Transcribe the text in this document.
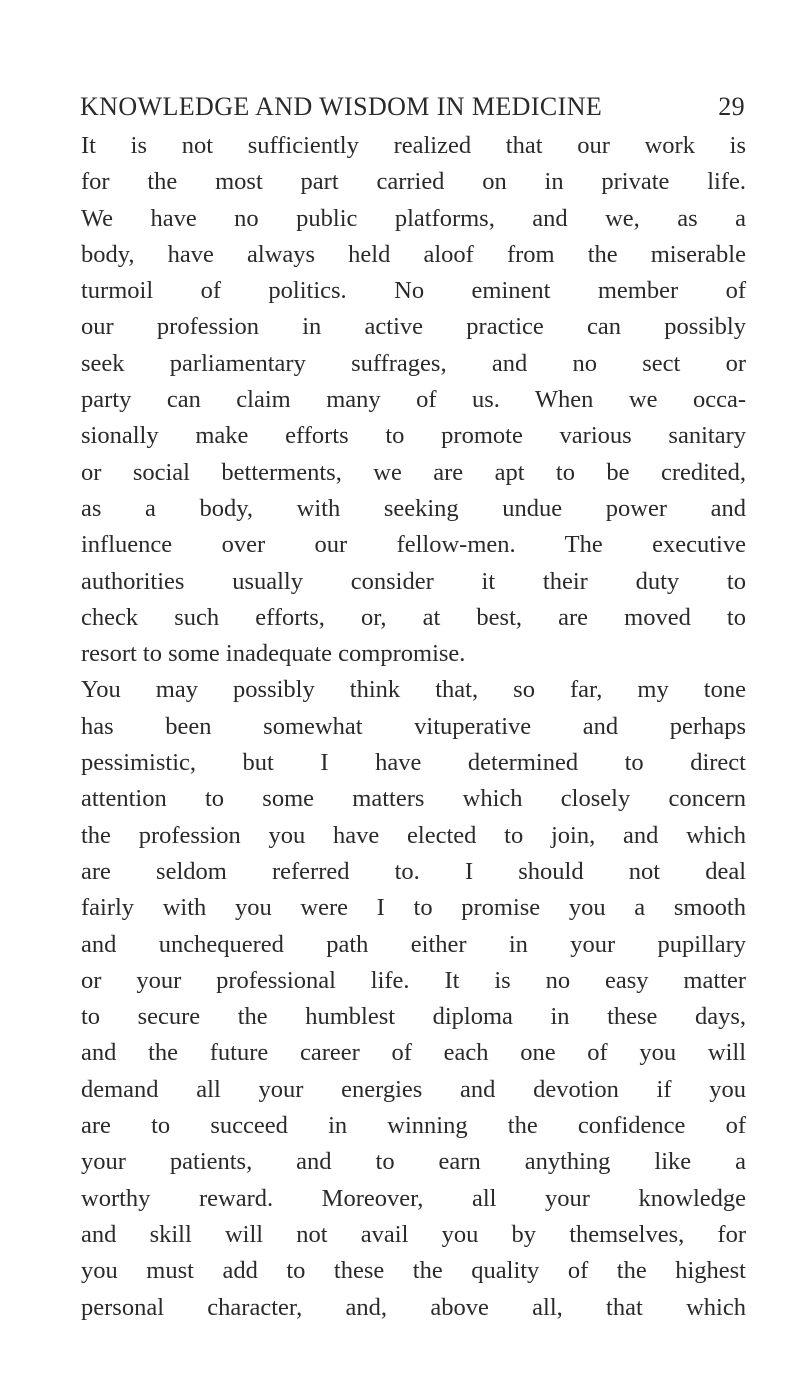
KNOWLEDGE AND WISDOM IN MEDICINE	29
It is not sufficiently realized that our work is
for the most part carried on in private life.
We have no public platforms, and we, as a
body, have always held aloof from the miserable
turmoil of politics. No eminent member of
our profession in active practice can possibly
seek parliamentary suffrages, and no sect or
party can claim many of us. When we occa-
sionally make efforts to promote various sanitary
or social betterments, we are apt to be credited,
as a body, with seeking undue power and
influence over our fellow-men. The executive
authorities usually consider it their duty to
check such efforts, or, at best, are moved to
resort to some inadequate compromise.
You may possibly think that, so far, my tone
has been somewhat vituperative and perhaps
pessimistic, but I have determined to direct
attention to some matters which closely concern
the profession you have elected to join, and which
are seldom referred to. I should not deal
fairly with you were I to promise you a smooth
and unchequered path either in your pupillary
or your professional life. It is no easy matter
to secure the humblest diploma in these days,
and the future career of each one of you will
demand all your energies and devotion if you
are to succeed in winning the confidence of
your patients, and to earn anything like a
worthy reward. Moreover, all your knowledge
and skill will not avail you by themselves, for
you must add to these the quality of the highest
personal character, and, above all, that which
